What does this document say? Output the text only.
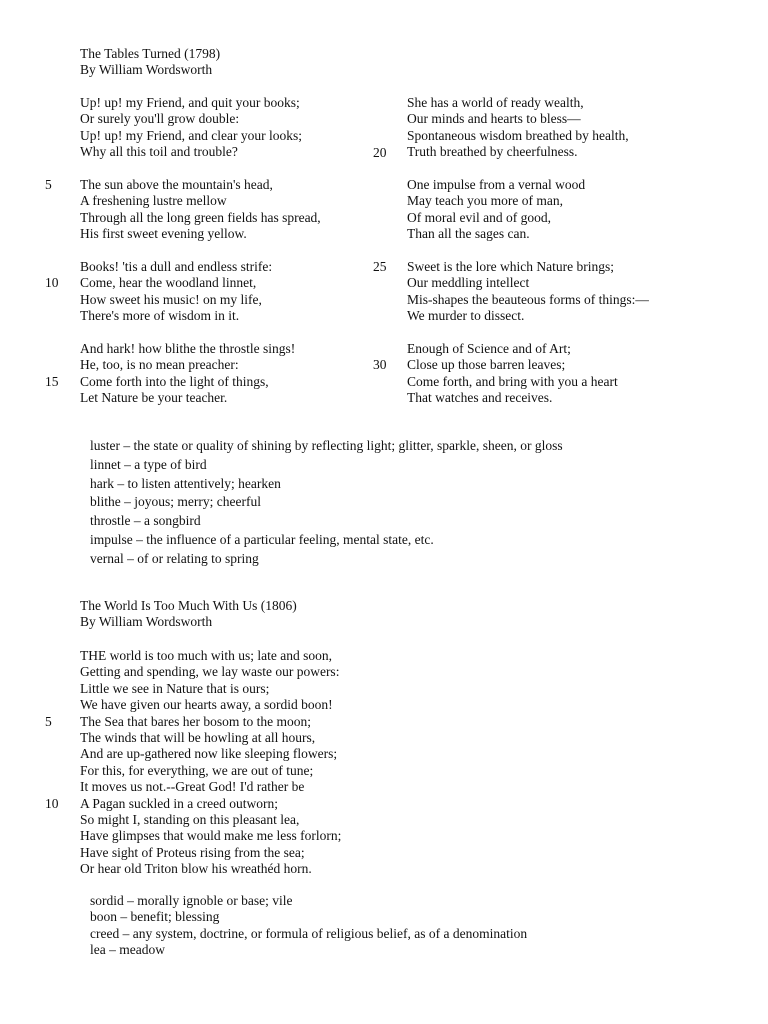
The Tables Turned (1798)
By William Wordsworth
Up! up! my Friend, and quit your books;
Or surely you'll grow double:
Up! up! my Friend, and clear your looks;
Why all this toil and trouble?
The sun above the mountain's head,
A freshening lustre mellow
Through all the long green fields has spread,
His first sweet evening yellow.
Books! 'tis a dull and endless strife:
Come, hear the woodland linnet,
How sweet his music! on my life,
There's more of wisdom in it.
And hark! how blithe the throstle sings!
He, too, is no mean preacher:
Come forth into the light of things,
Let Nature be your teacher.
5
10
15
She has a world of ready wealth,
Our minds and hearts to bless—
Spontaneous wisdom breathed by health,
Truth breathed by cheerfulness.
One impulse from a vernal wood
May teach you more of man,
Of moral evil and of good,
Than all the sages can.
Sweet is the lore which Nature brings;
Our meddling intellect
Mis-shapes the beauteous forms of things:—
We murder to dissect.
Enough of Science and of Art;
Close up those barren leaves;
Come forth, and bring with you a heart
That watches and receives.
20
25
30
luster – the state or quality of shining by reflecting light; glitter, sparkle, sheen, or gloss
linnet – a type of bird
hark – to listen attentively; hearken
blithe – joyous; merry; cheerful
throstle – a songbird
impulse – the influence of a particular feeling, mental state, etc.
vernal – of or relating to spring
The World Is Too Much With Us (1806)
By William Wordsworth
THE world is too much with us; late and soon,
Getting and spending, we lay waste our powers:
Little we see in Nature that is ours;
We have given our hearts away, a sordid boon!
The Sea that bares her bosom to the moon;
The winds that will be howling at all hours,
And are up-gathered now like sleeping flowers;
For this, for everything, we are out of tune;
It moves us not.--Great God! I'd rather be
A Pagan suckled in a creed outworn;
So might I, standing on this pleasant lea,
Have glimpses that would make me less forlorn;
Have sight of Proteus rising from the sea;
Or hear old Triton blow his wreathéd horn.
5
10
sordid – morally ignoble or base; vile
boon – benefit; blessing
creed – any system, doctrine, or formula of religious belief, as of a denomination
lea – meadow
